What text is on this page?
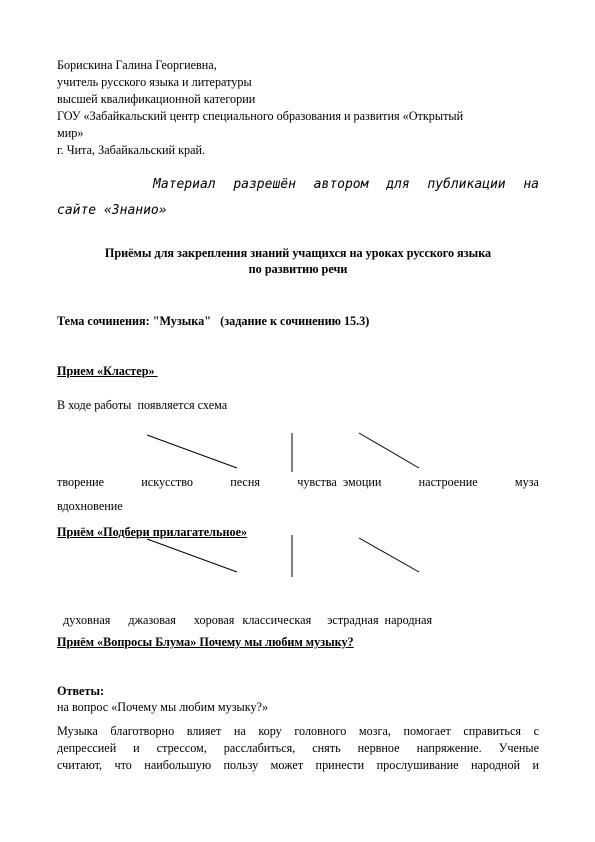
Борискина Галина Георгиевна,
учитель русского языка и литературы
высшей квалификационной категории
ГОУ «Забайкальский центр специального образования и развития «Открытый
мир»
г. Чита, Забайкальский край.
Материал разрешён автором для публикации на
сайте «Знанио»
Приёмы для закрепления знаний учащихся на уроках русского языка
по развитию речи
Тема сочинения: "Музыка" (задание к сочинению 15.3)
Прием «Кластер»
В ходе работы  появляется схема
творение	искусство	песня	чувства эмоции	настроение	муза
вдохновение
Приём «Подбери прилагательное»

духовная джазовая хоровая классическая эстрадная народная

Приём «Вопросы Блума» Почему мы любим музыку?
Ответы:
на вопрос «Почему мы любим музыку?»
Музыка благотворно влияет на кору головного мозга, помогает справиться с
депрессией и стрессом, расслабиться, снять нервное напряжение. Ученые
считают, что наибольшую пользу может принести прослушивание народной и
